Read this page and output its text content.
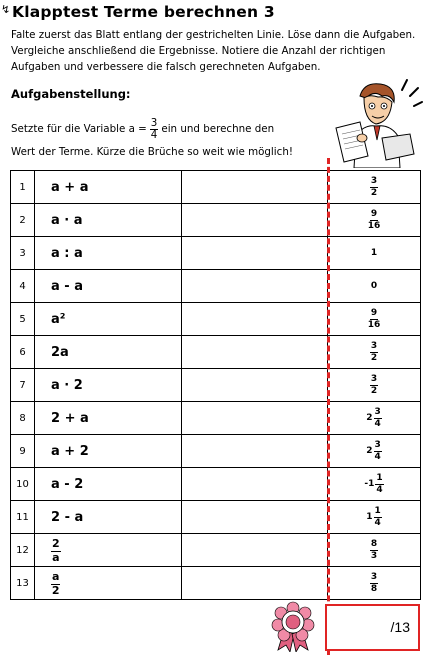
↯ Klapptest Terme berechnen 3
Falte zuerst das Blatt entlang der gestrichelten Linie. Löse dann die Aufgaben. Vergleiche anschließend die Ergebnisse. Notiere die Anzahl der richtigen Aufgaben und verbessere die falsch gerechneten Aufgaben.
Aufgabenstellung:
Setzte für die Variable $a = \frac{3}{4}$ ein und berechne den
Wert der Terme. Kürze die Brüche so weit wie möglich!
1	a + a		$\frac{3}{2}$

2	a · a		$\frac{9}{16}$

3	a : a		1
4	a - a		0
5	a²		$\frac{9}{16}$

6	2a		$\frac{3}{2}$

7	a · 2		$\frac{3}{2}$

8	2 + a		$2 \frac{3}{4}$

9	a + 2		$2 \frac{3}{4}$

10	a - 2		$-1 \frac{1}{4}$

11	2 - a		$1 \frac{1}{4}$

12	$\frac{2}{a}$		$\frac{8}{3}$

13	$\frac{a}{2}$		$\frac{3}{8}$
/13
